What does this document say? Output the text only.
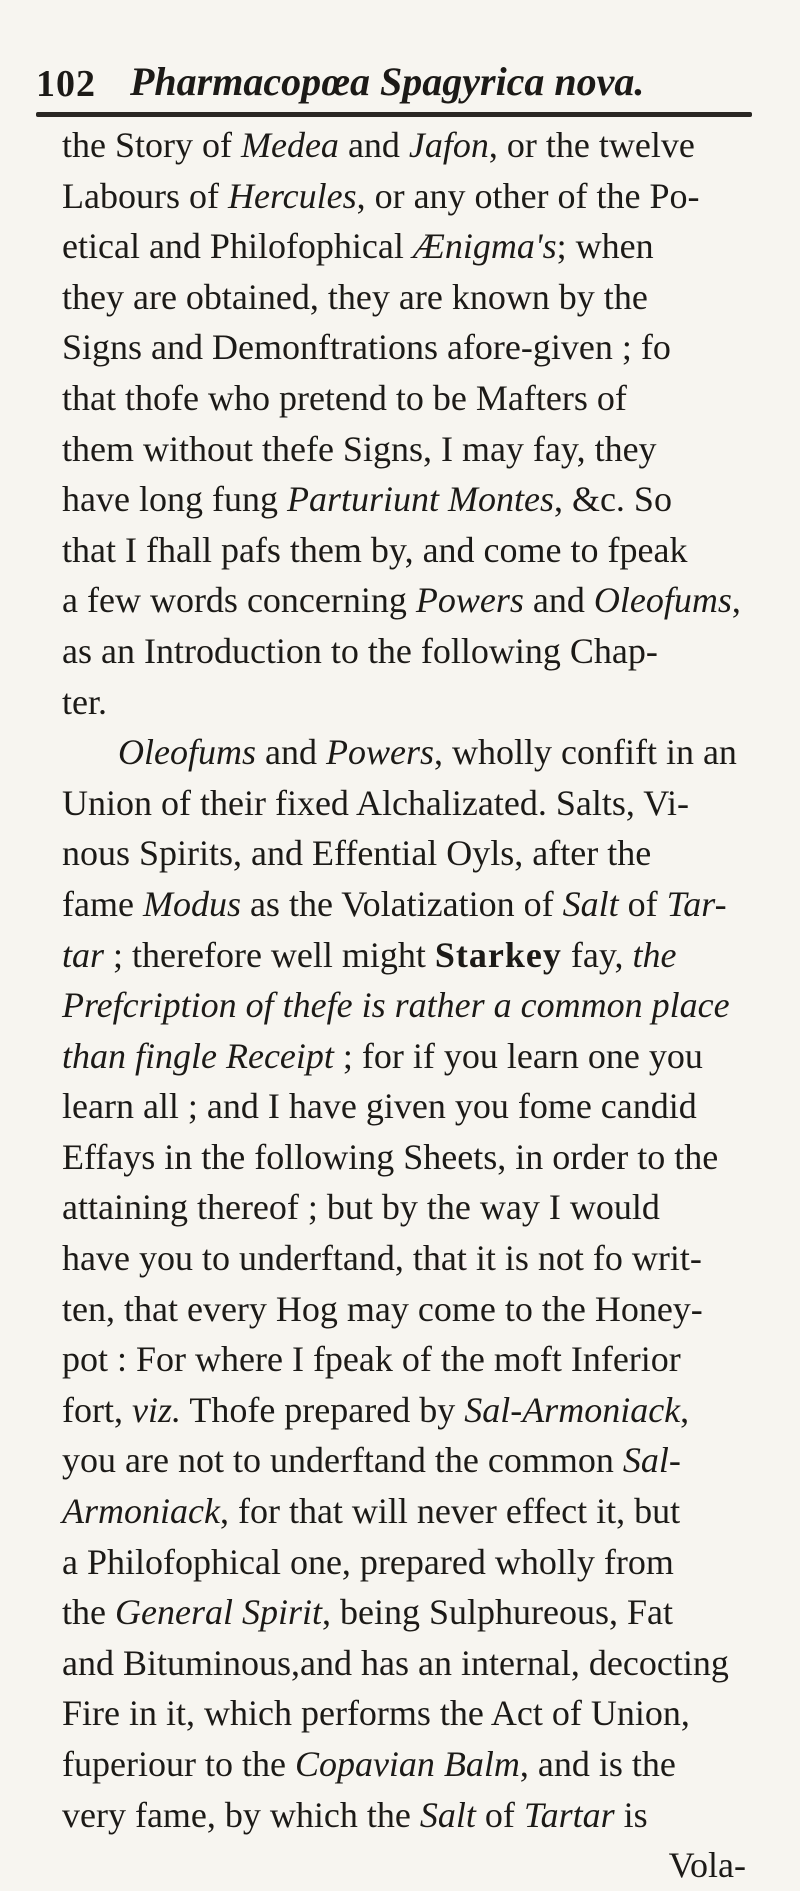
102 Pharmacopœa Spagyrica nova.
the Story of Medea and Jafon, or the twelve
Labours of Hercules, or any other of the Po-
etical and Philofophical Ænigma's; when
they are obtained, they are known by the
Signs and Demonftrations afore-given ; fo
that thofe who pretend to be Mafters of
them without thefe Signs, I may fay, they
have long fung Parturiunt Montes, &c. So
that I fhall pafs them by, and come to fpeak
a few words concerning Powers and Oleofums,
as an Introduction to the following Chap-
ter.
Oleofums and Powers, wholly confift in an
Union of their fixed Alchalizated. Salts, Vi-
nous Spirits, and Effential Oyls, after the
fame Modus as the Volatization of Salt of Tar-
tar ; therefore well might Starkey fay, the
Prefcription of thefe is rather a common place
than fingle Receipt ; for if you learn one you
learn all ; and I have given you fome candid
Effays in the following Sheets, in order to the
attaining thereof ; but by the way I would
have you to underftand, that it is not fo writ-
ten, that every Hog may come to the Honey-
pot : For where I fpeak of the moft Inferior
fort, viz. Thofe prepared by Sal-Armoniack,
you are not to underftand the common Sal-
Armoniack, for that will never effect it, but
a Philofophical one, prepared wholly from
the General Spirit, being Sulphureous, Fat
and Bituminous,and has an internal, decocting
Fire in it, which performs the Act of Union,
fuperiour to the Copavian Balm, and is the
very fame, by which the Salt of Tartar is
Vola-
